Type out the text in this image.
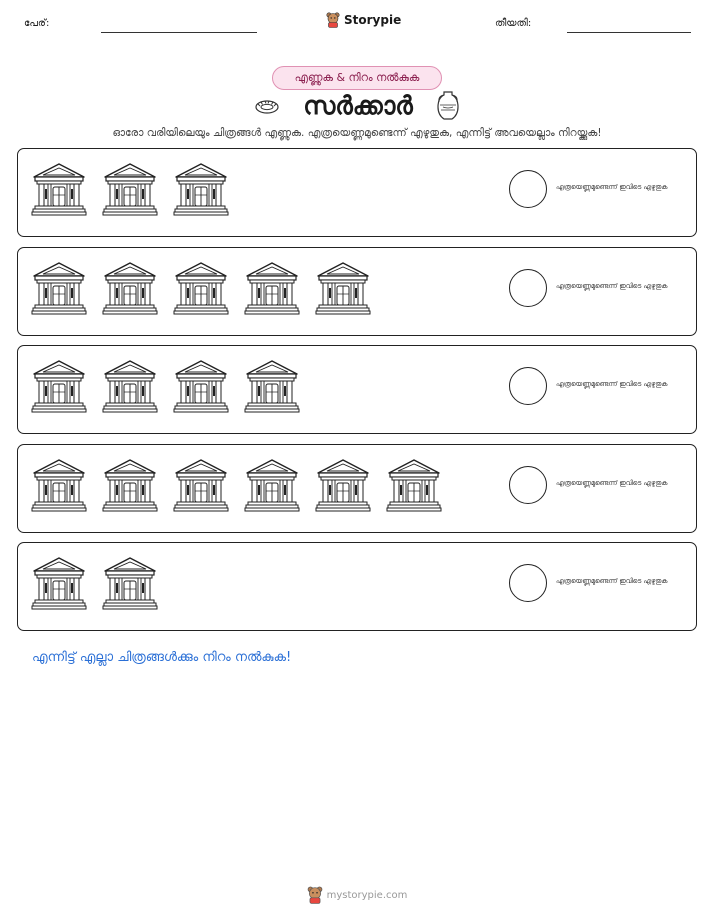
പേര്:	Storypie	തീയതി:
എണ്ണുക & നിറം നൽകുക
സർക്കാർ
ഓരോ വരിയിലെയും ചിത്രങ്ങൾ എണ്ണുക. എത്രയെണ്ണമുണ്ടെന്ന് എഴുതുക, എന്നിട്ട് അവയെല്ലാം നിറയ്ക്കുക!
എത്രയെണ്ണമുണ്ടെന്ന് ഇവിടെ എഴുതുക
എത്രയെണ്ണമുണ്ടെന്ന് ഇവിടെ എഴുതുക
എത്രയെണ്ണമുണ്ടെന്ന് ഇവിടെ എഴുതുക
എത്രയെണ്ണമുണ്ടെന്ന് ഇവിടെ എഴുതുക
എത്രയെണ്ണമുണ്ടെന്ന് ഇവിടെ എഴുതുക
എന്നിട്ട് എല്ലാ ചിത്രങ്ങൾക്കും നിറം നൽകുക!
mystorypie.com
